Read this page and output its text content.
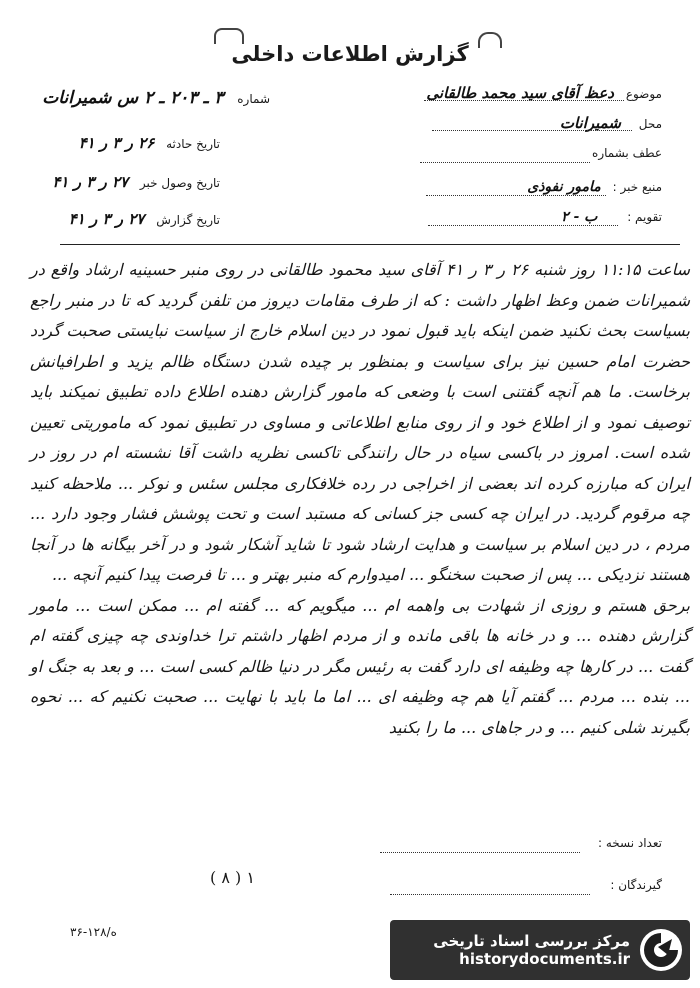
گزارش اطلاعات داخلی
موضوع دعظ آقای سید محمد طالقانی
محل شمیرانات
عطف بشماره
منبع خبر : مامور نفوذی
تقویم : ب - ٢
شماره ۳ ـ ۲۰۳ ـ ۲ س شمیرانات
تاریخ حادثه ۲۶ ر ۳ ر ۴۱
تاریخ وصول خبر ۲۷ ر ۳ ر ۴۱
تاریخ گزارش ۲۷ ر ۳ ر ۴۱

ساعت ۱۱:۱۵ روز شنبه ۲۶ ر ۳ ر ۴۱ آقای سید محمود طالقانی در روی منبر حسینیه ارشاد واقع در شمیرانات ضمن وعظ اظهار داشت : که از طرف مقامات دیروز من تلفن گردید که تا در منبر راجع بسیاست بحث نکنید ضمن اینکه باید قبول نمود در دین اسلام خارج از سیاست نبایستی صحبت گردد حضرت امام حسین نیز برای سیاست و بمنظور بر چیده شدن دستگاه ظالم یزید و اطرافیانش برخاست. ما هم آنچه گفتنی است با وضعی که مامور گزارش دهنده اطلاع داده تطبیق نمیکند باید توصیف نمود و از اطلاع خود و از روی منابع اطلاعاتی و مساوی در تطبیق نمود که ماموریتی تعیین شده است. امروز در باکسی سیاه در حال رانندگی تاکسی نظریه داشت آقا نشسته ام در روز در ایران که مبارزه کرده اند بعضی از اخراجی در رده خلافکاری مجلس سئس و نوکر ... ملاحظه کنید چه مرقوم گردید. در ایران چه کسی جز کسانی که مستبد است و تحت پوشش فشار وجود دارد ... مردم ، در دین اسلام بر سیاست و هدایت ارشاد شود تا شاید آشکار شود و در آخر بیگانه ها در آنجا هستند نزدیکی ... پس از صحبت سخنگو ... امیدوارم که منبر بهتر و ... تا فرصت پیدا کنیم آنچه ...

برحق هستم و روزی از شهادت بی واهمه ام ... میگویم که ... گفته ام ... ممکن است ... مامور گزارش دهنده ... و در خانه ها باقی مانده و از مردم اظهار داشتم ترا خداوندی چه چیزی گفته ام گفت ... در کارها چه وظیفه ای دارد گفت به رئیس مگر در دنیا ظالم کسی است ... و بعد به جنگ او ... بنده ... مردم ... گفتم آیا هم چه وظیفه ای ... اما ما باید با نهایت ... صحبت نکنیم که ... نحوه بگیرند شلی کنیم ... و در جاهای ... ما را بکنید

تعداد نسخه :
گیرندگان :
( ۸ ) ۱
۳۶-۱۲۸/ه	مرکز بررسی اسناد تاریخی
historydocuments.ir
